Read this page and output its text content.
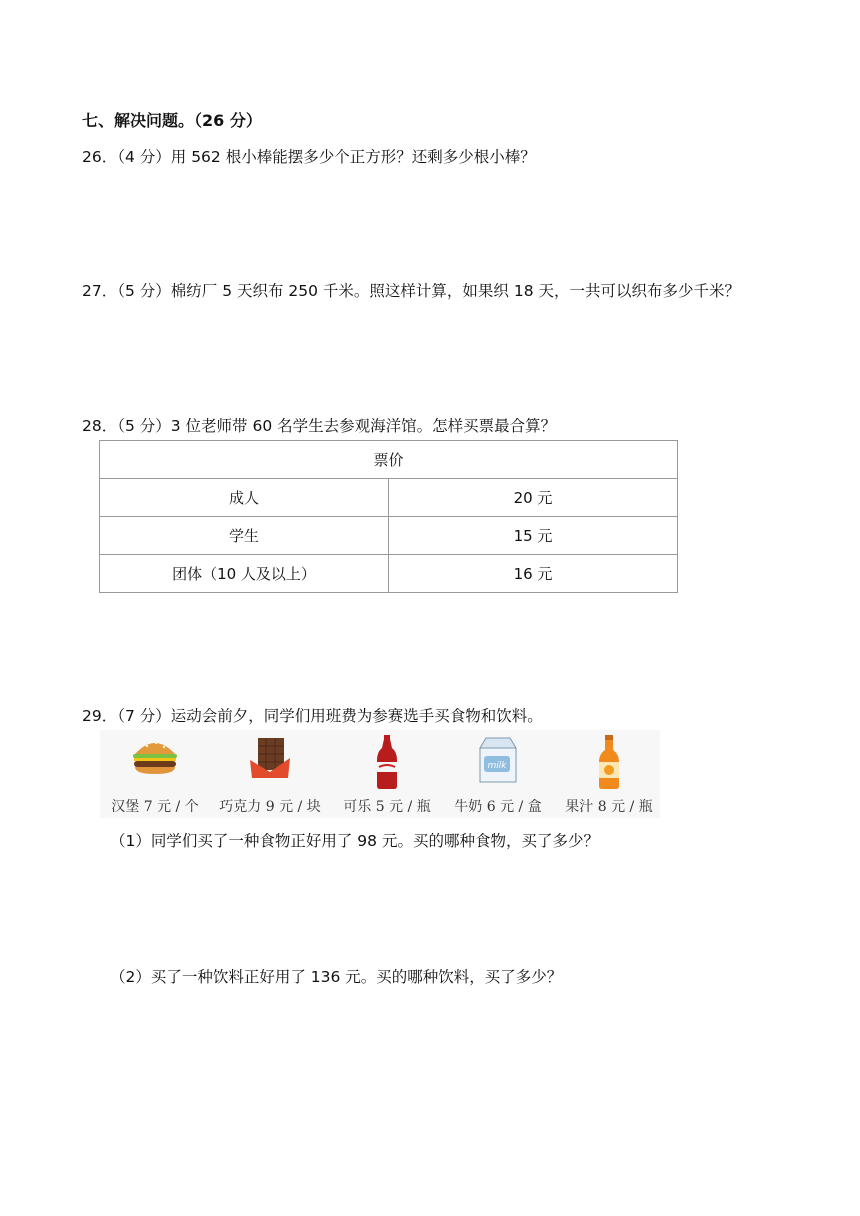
七、解决问题。（26 分）
26．（4 分）用 562 根小棒能摆多少个正方形？还剩多少根小棒？
27．（5 分）棉纺厂 5 天织布 250 千米。照这样计算，如果织 18 天，一共可以织布多少千米？
28．（5 分）3 位老师带 60 名学生去参观海洋馆。怎样买票最合算？
票价	
成人	20 元
学生	15 元
团体（10 人及以上）	16 元
29．（7 分）运动会前夕，同学们用班费为参赛选手买食物和饮料。
汉堡 7 元 / 个	巧克力 9 元 / 块	可乐 5 元 / 瓶
milk
牛奶 6 元 / 盒	果汁 8 元 / 瓶
（1）同学们买了一种食物正好用了 98 元。买的哪种食物，买了多少？
（2）买了一种饮料正好用了 136 元。买的哪种饮料，买了多少？
